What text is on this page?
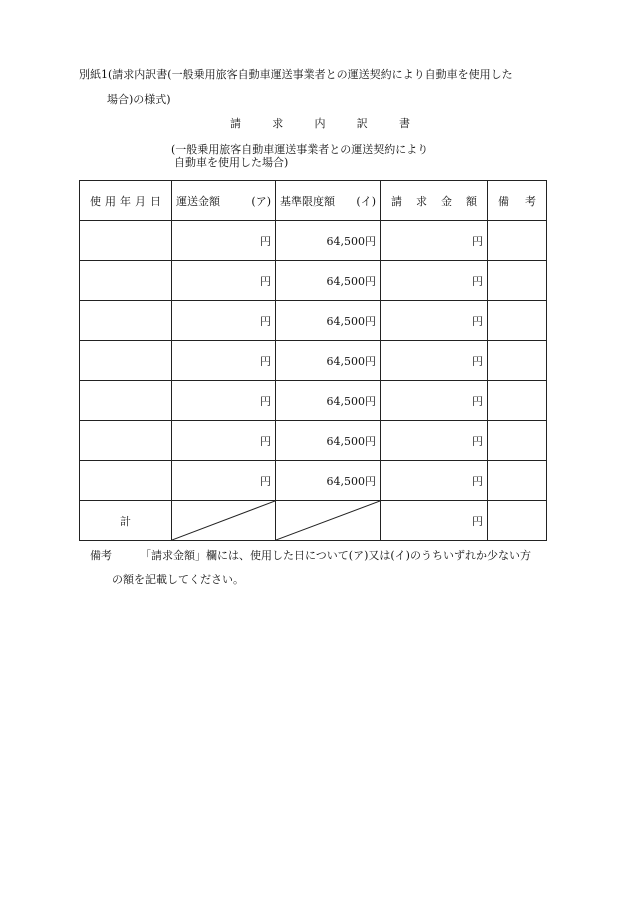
別紙1(請求内訳書(一般乗用旅客自動車運送事業者との運送契約により自動車を使用した
場合)の様式)
請	求	内	訳	書
(一般乗用旅客自動車運送事業者との運送契約により
自動車を使用した場合)
使 用 年 月 日	運送金額 (ア)	基準限度額 (イ)	請 求 金 額	備 考

	円	64,500円	円	
	円	64,500円	円	
	円	64,500円	円	
	円	64,500円	円	
	円	64,500円	円	
	円	64,500円	円	
	円	64,500円	円	
計			円	
備考	「請求金額」欄には、使用した日について(ア)又は(イ)のうちいずれか少ない方
の額を記載してください。
